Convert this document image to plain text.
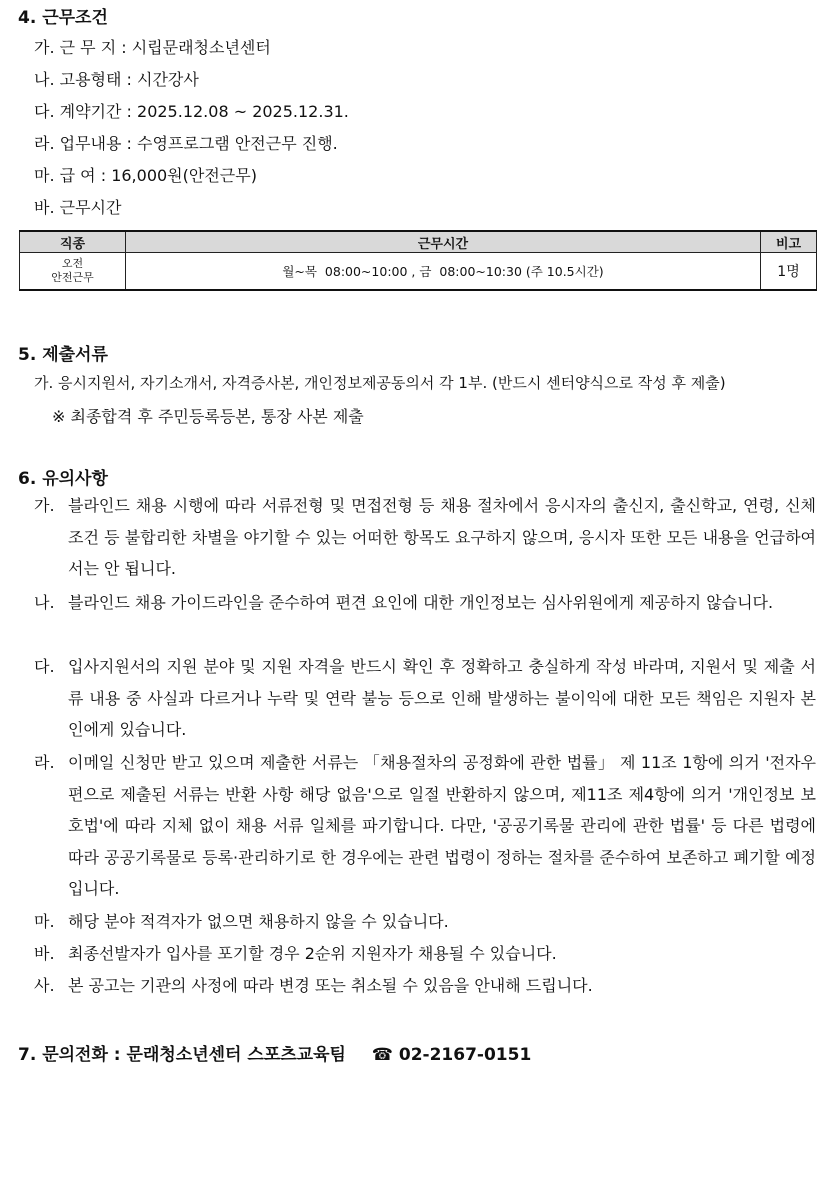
4. 근무조건
가. 근 무 지 : 시립문래청소년센터
나. 고용형태 : 시간강사
다. 계약기간 : 2025.12.08 ~ 2025.12.31.
라. 업무내용 : 수영프로그램 안전근무 진행.
마. 급 여 : 16,000원(안전근무)
바. 근무시간
직종	근무시간	비고

오전
안전근무	월~목  08:00~10:00 , 금  08:00~10:30 (주 10.5시간)	1명
5. 제출서류
가. 응시지원서, 자기소개서, 자격증사본, 개인정보제공동의서 각 1부. (반드시 센터양식으로 작성 후 제출)
※ 최종합격 후 주민등록등본, 통장 사본 제출
6. 유의사항
가. 블라인드 채용 시행에 따라 서류전형 및 면접전형 등 채용 절차에서 응시자의 출신지, 출신학교, 연령, 신체조건 등 불합리한 차별을 야기할 수 있는 어떠한 항목도 요구하지 않으며, 응시자 또한 모든 내용을 언급하여서는 안 됩니다.
나. 블라인드 채용 가이드라인을 준수하여 편견 요인에 대한 개인정보는 심사위원에게 제공하지 않습니다.
다. 입사지원서의 지원 분야 및 지원 자격을 반드시 확인 후 정확하고 충실하게 작성 바라며, 지원서 및 제출 서류 내용 중 사실과 다르거나 누락 및 연락 불능 등으로 인해 발생하는 불이익에 대한 모든 책임은 지원자 본인에게 있습니다.
라. 이메일 신청만 받고 있으며 제출한 서류는 「채용절차의 공정화에 관한 법률」 제 11조 1항에 의거 '전자우편으로 제출된 서류는 반환 사항 해당 없음'으로 일절 반환하지 않으며, 제11조 제4항에 의거 '개인정보 보호법'에 따라 지체 없이 채용 서류 일체를 파기합니다. 다만, '공공기록물 관리에 관한 법률' 등 다른 법령에 따라 공공기록물로 등록·관리하기로 한 경우에는 관련 법령이 정하는 절차를 준수하여 보존하고 폐기할 예정입니다.
마. 해당 분야 적격자가 없으면 채용하지 않을 수 있습니다.
바. 최종선발자가 입사를 포기할 경우 2순위 지원자가 채용될 수 있습니다.
사. 본 공고는 기관의 사정에 따라 변경 또는 취소될 수 있음을 안내해 드립니다.
7. 문의전화 : 문래청소년센터 스포츠교육팀 ☎ 02-2167-0151
